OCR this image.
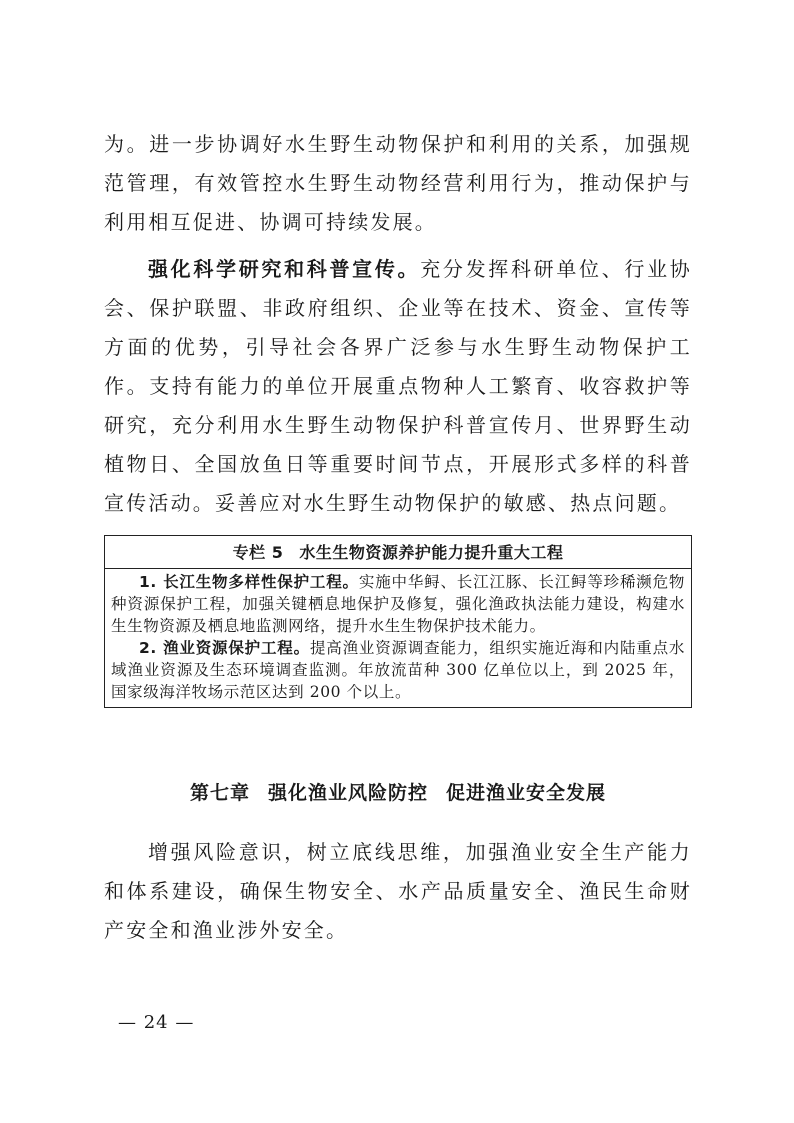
为。进一步协调好水生野生动物保护和利用的关系，加强规范管理，有效管控水生野生动物经营利用行为，推动保护与利用相互促进、协调可持续发展。

强化科学研究和科普宣传。充分发挥科研单位、行业协会、保护联盟、非政府组织、企业等在技术、资金、宣传等方面的优势，引导社会各界广泛参与水生野生动物保护工作。支持有能力的单位开展重点物种人工繁育、收容救护等研究，充分利用水生野生动物保护科普宣传月、世界野生动植物日、全国放鱼日等重要时间节点，开展形式多样的科普宣传活动。妥善应对水生野生动物保护的敏感、热点问题。

专栏 5 水生生物资源养护能力提升重大工程

1. 长江生物多样性保护工程。实施中华鲟、长江江豚、长江鲟等珍稀濒危物种资源保护工程，加强关键栖息地保护及修复，强化渔政执法能力建设，构建水生生物资源及栖息地监测网络，提升水生生物保护技术能力。

2. 渔业资源保护工程。提高渔业资源调查能力，组织实施近海和内陆重点水域渔业资源及生态环境调查监测。年放流苗种 300 亿单位以上，到 2025 年，国家级海洋牧场示范区达到 200 个以上。

第七章 强化渔业风险防控 促进渔业安全发展

增强风险意识，树立底线思维，加强渔业安全生产能力和体系建设，确保生物安全、水产品质量安全、渔民生命财产安全和渔业涉外安全。

— 24 —
